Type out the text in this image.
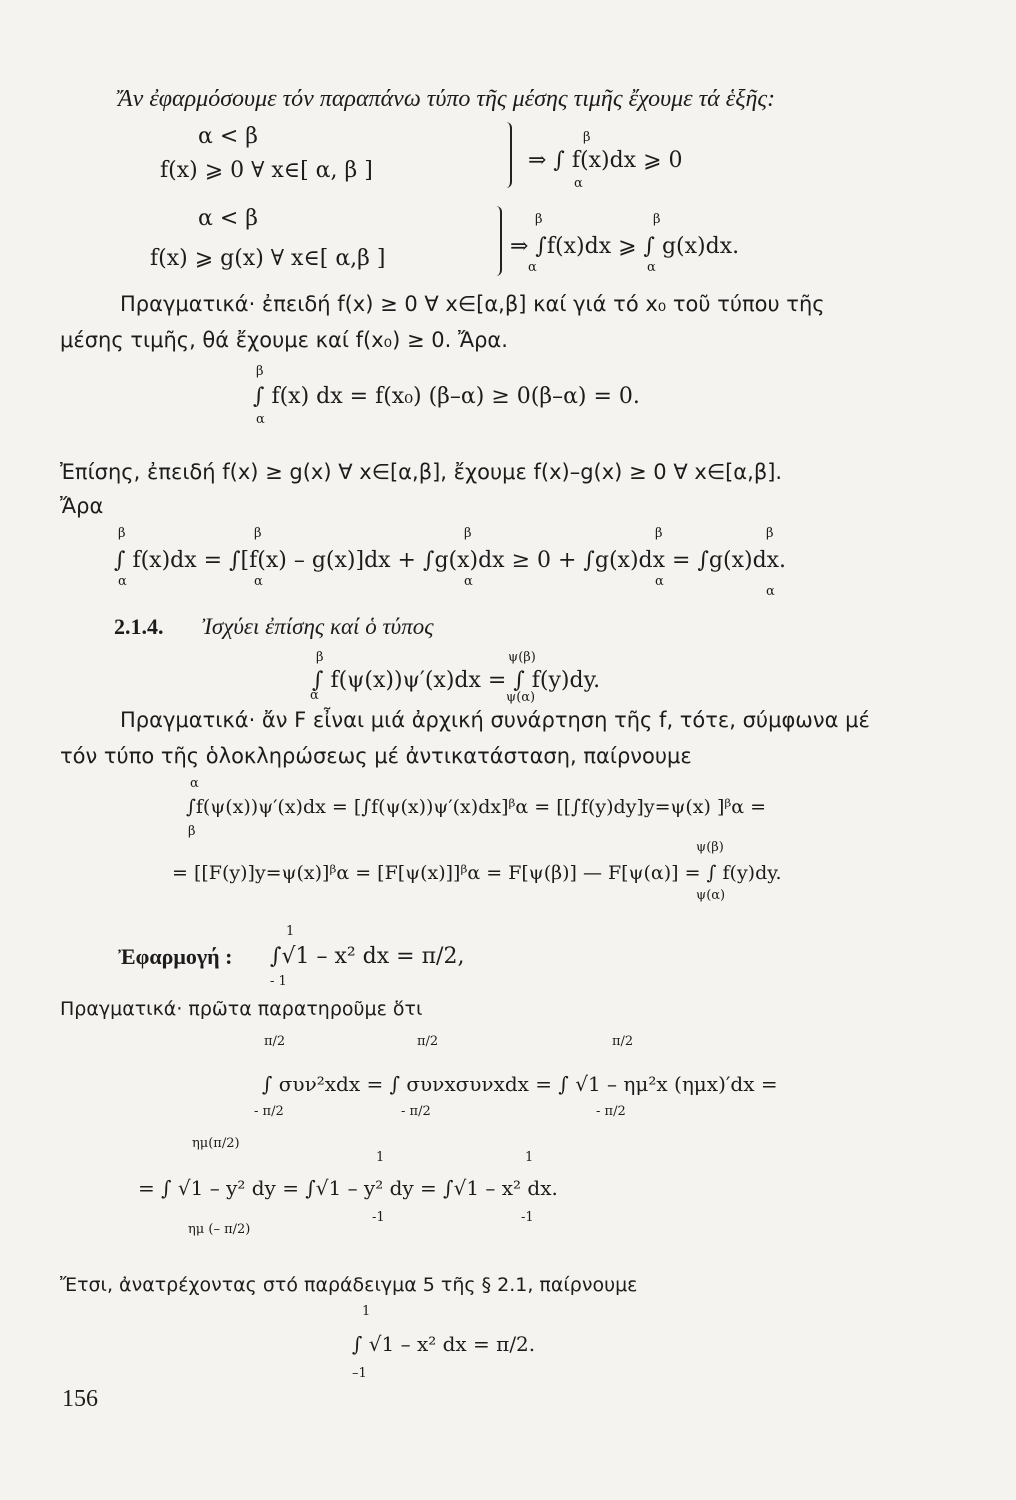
Ἄν ἐφαρμόσουμε τόν παραπάνω τύπο τῆς μέσης τιμῆς ἔχουμε τά ἑξῆς:
α < β
f(x) ⩾ 0 ∀ x∈[ α, β ]
β
⇒ ∫ f(x)dx ⩾ 0
α
α < β
f(x) ⩾ g(x) ∀ x∈[ α,β ]
β	β
⇒ ∫f(x)dx ⩾ ∫ g(x)dx.
α	α
Πραγματικά· ἐπειδή f(x) ≥ 0 ∀ x∈[α,β] καί γιά τό x₀ τοῦ τύπου τῆς
μέσης τιμῆς, θά ἔχουμε καί f(x₀) ≥ 0. Ἄρα.
β
∫ f(x) dx = f(x₀) (β–α) ≥ 0(β–α) = 0.
α
Ἐπίσης, ἐπειδή f(x) ≥ g(x) ∀ x∈[α,β], ἔχουμε f(x)–g(x) ≥ 0 ∀ x∈[α,β].
Ἄρα
β	β	β	β	β
∫ f(x)dx = ∫[f(x) – g(x)]dx + ∫g(x)dx ≥ 0 + ∫g(x)dx = ∫g(x)dx.
α	α	α	α
α
2.1.4. Ἰσχύει ἐπίσης καί ὁ τύπος
β	ψ(β)
∫ f(ψ(x))ψ′(x)dx = ∫ f(y)dy.
α	ψ(α)
Πραγματικά· ἄν F εἶναι μιά ἀρχική συνάρτηση τῆς f, τότε, σύμφωνα μέ
τόν τύπο τῆς ὁλοκληρώσεως μέ ἀντικατάσταση, παίρνουμε
α
∫f(ψ(x))ψ′(x)dx = [∫f(ψ(x))ψ′(x)dx]ᵝα = [[∫f(y)dy]y=ψ(x) ]ᵝα =
β
ψ(β)
= [[F(y)]y=ψ(x)]ᵝα = [F[ψ(x)]]ᵝα = F[ψ(β)] — F[ψ(α)] = ∫ f(y)dy.
ψ(α)
Ἐφαρμογή :
1
∫√1 – x² dx = π/2,
- 1
Πραγματικά· πρῶτα παρατηροῦμε ὅτι
π/2	π/2	π/2
∫ συν²xdx = ∫ συνxσυνxdx = ∫ √1 – ημ²x (ημx)′dx =
- π/2	- π/2	- π/2
ημ(π/2)
1	1
= ∫ √1 – y² dy = ∫√1 – y² dy = ∫√1 – x² dx.
ημ (– π/2)
-1	-1
Ἔτσι, ἀνατρέχοντας στό παράδειγμα 5 τῆς § 2.1, παίρνουμε
1
∫ √1 – x² dx = π/2.
–1
156
